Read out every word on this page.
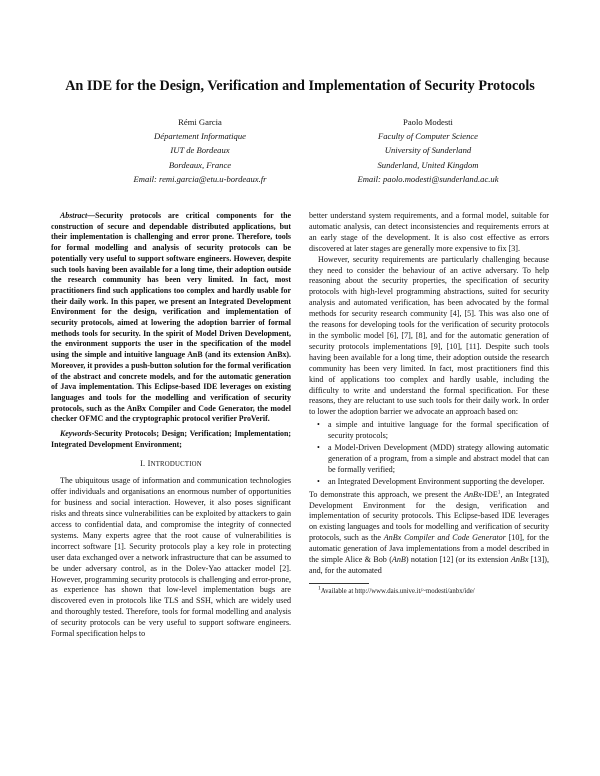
An IDE for the Design, Verification and Implementation of Security Protocols
Rémi Garcia
Département Informatique
IUT de Bordeaux
Bordeaux, France
Email: remi.garcia@etu.u-bordeaux.fr
Paolo Modesti
Faculty of Computer Science
University of Sunderland
Sunderland, United Kingdom
Email: paolo.modesti@sunderland.ac.uk

Abstract—Security protocols are critical components for the construction of secure and dependable distributed applications, but their implementation is challenging and error prone. Therefore, tools for formal modelling and analysis of security protocols can be potentially very useful to support software engineers. However, despite such tools having been available for a long time, their adoption outside the research community has been very limited. In fact, most practitioners find such applications too complex and hardly usable for their daily work. In this paper, we present an Integrated Development Environment for the design, verification and implementation of security protocols, aimed at lowering the adoption barrier of formal methods tools for security. In the spirit of Model Driven Development, the environment supports the user in the specification of the model using the simple and intuitive language AnB (and its extension AnBx). Moreover, it provides a push-button solution for the formal verification of the abstract and concrete models, and for the automatic generation of Java implementation. This Eclipse-based IDE leverages on existing languages and tools for the modelling and verification of security protocols, such as the AnBx Compiler and Code Generator, the model checker OFMC and the cryptographic protocol verifier ProVerif.

Keywords-Security Protocols; Design; Verification; Implementation; Integrated Development Environment;

I. INTRODUCTION

The ubiquitous usage of information and communication technologies offer individuals and organisations an enormous number of opportunities for business and social interaction. However, it also poses significant risks and threats since vulnerabilities can be exploited by attackers to gain access to confidential data, and compromise the integrity of connected systems. Many experts agree that the root cause of vulnerabilities is incorrect software [1]. Security protocols play a key role in protecting user data exchanged over a network infrastructure that can be assumed to be under adversary control, as in the Dolev-Yao attacker model [2]. However, programming security protocols is challenging and error-prone, as experience has shown that low-level implementation bugs are discovered even in protocols like TLS and SSH, which are widely used and thoroughly tested. Therefore, tools for formal modelling and analysis of security protocols can be very useful to support software engineers. Formal specification helps to

better understand system requirements, and a formal model, suitable for automatic analysis, can detect inconsistencies and requirements errors at an early stage of the development. It is also cost effective as errors discovered at later stages are generally more expensive to fix [3].

However, security requirements are particularly challenging because they need to consider the behaviour of an active adversary. To help reasoning about the security properties, the specification of security protocols with high-level programming abstractions, suited for security analysis and automated verification, has been advocated by the formal methods for security research community [4], [5]. This was also one of the reasons for developing tools for the verification of security protocols in the symbolic model [6], [7], [8], and for the automatic generation of security protocols implementations [9], [10], [11]. Despite such tools having been available for a long time, their adoption outside the research community has been very limited. In fact, most practitioners find this kind of applications too complex and hardly usable, including the difficulty to write and understand the formal specification. For these reasons, they are reluctant to use such tools for their daily work. In order to lower the adoption barrier we advocate an approach based on:

• a simple and intuitive language for the formal specification of security protocols;
• a Model-Driven Development (MDD) strategy allowing automatic generation of a program, from a simple and abstract model that can be formally verified;
• an Integrated Development Environment supporting the developer.

To demonstrate this approach, we present the AnBx-IDE$^1$, an Integrated Development Environment for the design, verification and implementation of security protocols. This Eclipse-based IDE leverages on existing languages and tools for modelling and verification of security protocols, such as the AnBx Compiler and Code Generator [10], for the automatic generation of Java implementations from a model described in the simple Alice & Bob (AnB) notation [12] (or its extension AnBx [13]), and, for the automated

$^1$Available at http://www.dais.unive.it/~modesti/anbx/ide/
